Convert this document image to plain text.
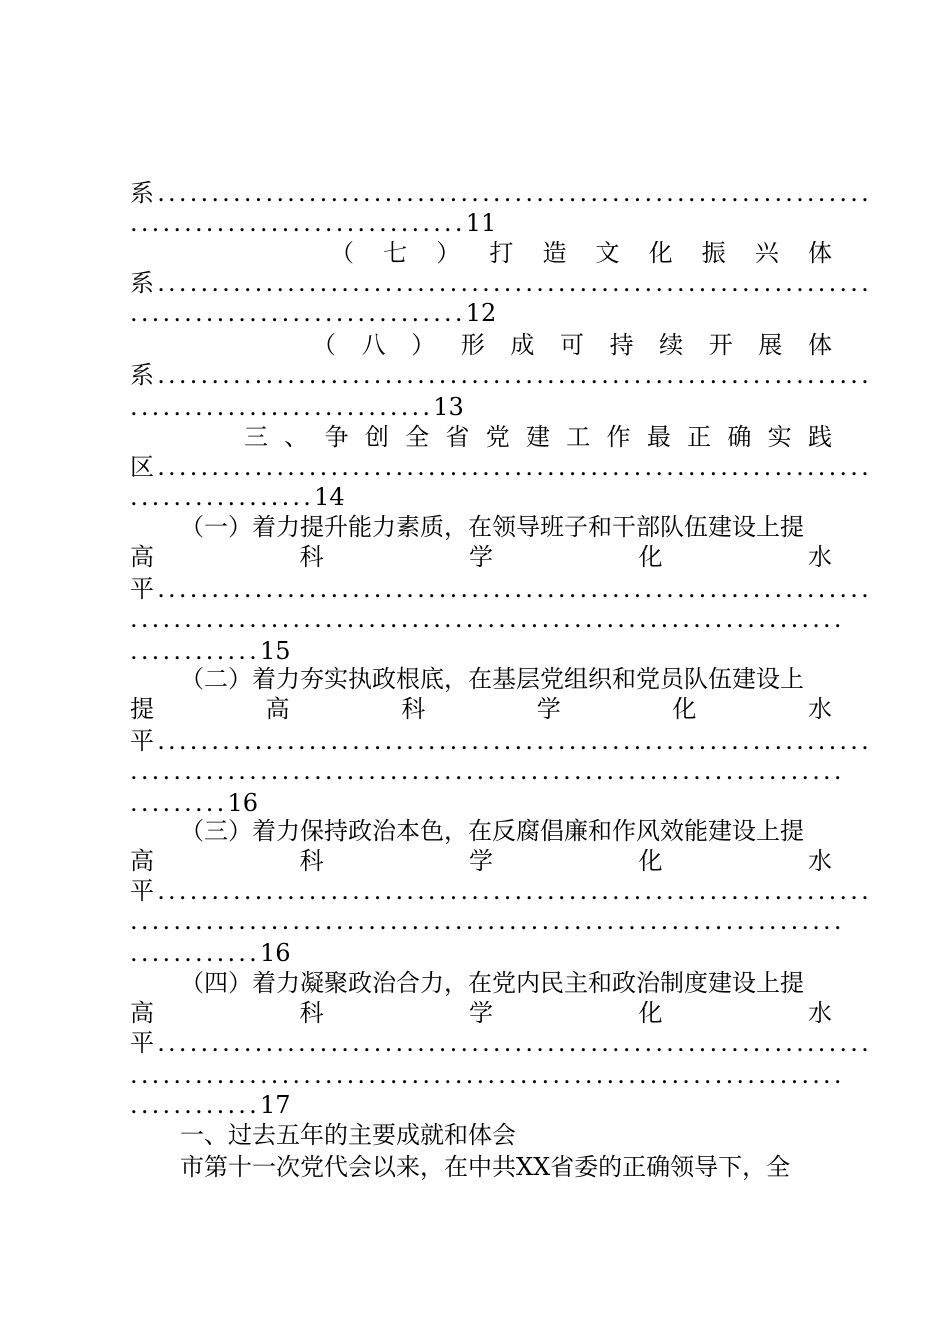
系..................................................................
...............................11
（ 七 ） 打 造 文 化 振 兴 体
系..................................................................
...............................12
（ 八 ） 形 成 可 持 续 开 展 体
系..................................................................
............................13
三 、 争 创 全 省 党 建 工 作 最 正 确 实 践
区..................................................................
.................14
（一）着力提升能力素质，在领导班子和干部队伍建设上提
高	科	学	化	水
平..................................................................
..................................................................
............15
（二）着力夯实执政根底，在基层党组织和党员队伍建设上
提	高	科	学	化	水
平..................................................................
..................................................................
.........16
（三）着力保持政治本色，在反腐倡廉和作风效能建设上提
高	科	学	化	水
平..................................................................
..................................................................
............16
（四）着力凝聚政治合力，在党内民主和政治制度建设上提
高	科	学	化	水
平..................................................................
..................................................................
............17
一、过去五年的主要成就和体会
市第十一次党代会以来，在中共XX省委的正确领导下，全
